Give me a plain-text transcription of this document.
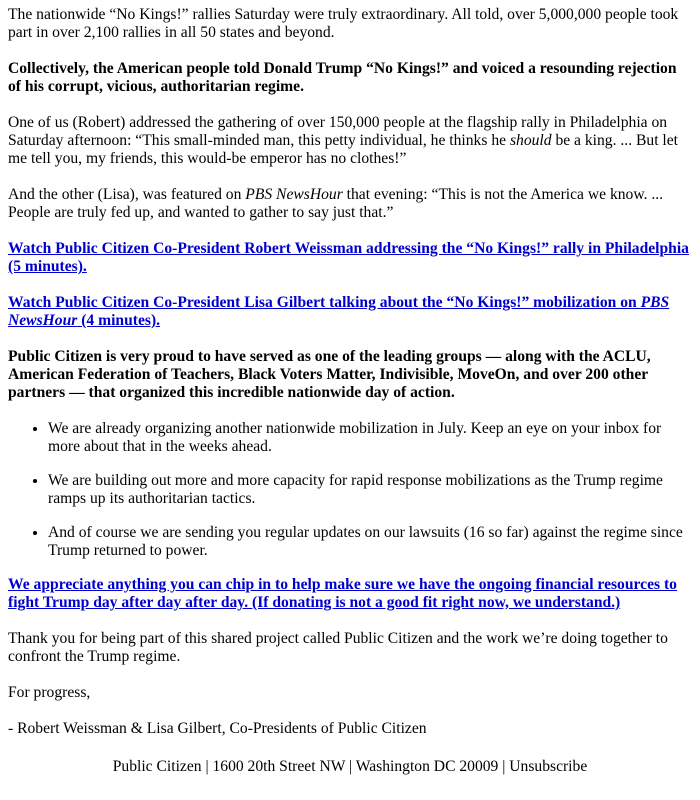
The nationwide “No Kings!” rallies Saturday were truly extraordinary. All told, over 5,000,000 people took part in over 2,100 rallies in all 50 states and beyond.

Collectively, the American people told Donald Trump “No Kings!” and voiced a resounding rejection of his corrupt, vicious, authoritarian regime.

One of us (Robert) addressed the gathering of over 150,000 people at the flagship rally in Philadelphia on Saturday afternoon: “This small-minded man, this petty individual, he thinks he should be a king. ... But let me tell you, my friends, this would-be emperor has no clothes!”

And the other (Lisa), was featured on PBS NewsHour that evening: “This is not the America we know. ... People are truly fed up, and wanted to gather to say just that.”

Watch Public Citizen Co-President Robert Weissman addressing the “No Kings!” rally in Philadelphia (5 minutes).

Watch Public Citizen Co-President Lisa Gilbert talking about the “No Kings!” mobilization on PBS NewsHour (4 minutes).

Public Citizen is very proud to have served as one of the leading groups — along with the ACLU, American Federation of Teachers, Black Voters Matter, Indivisible, MoveOn, and over 200 other partners — that organized this incredible nationwide day of action.

• We are already organizing another nationwide mobilization in July. Keep an eye on your inbox for more about that in the weeks ahead.
• We are building out more and more capacity for rapid response mobilizations as the Trump regime ramps up its authoritarian tactics.
• And of course we are sending you regular updates on our lawsuits (16 so far) against the regime since Trump returned to power.

We appreciate anything you can chip in to help make sure we have the ongoing financial resources to fight Trump day after day after day. (If donating is not a good fit right now, we understand.)

Thank you for being part of this shared project called Public Citizen and the work we’re doing together to confront the Trump regime.

For progress,

- Robert Weissman & Lisa Gilbert, Co-Presidents of Public Citizen

Public Citizen | 1600 20th Street NW | Washington DC 20009 | Unsubscribe
